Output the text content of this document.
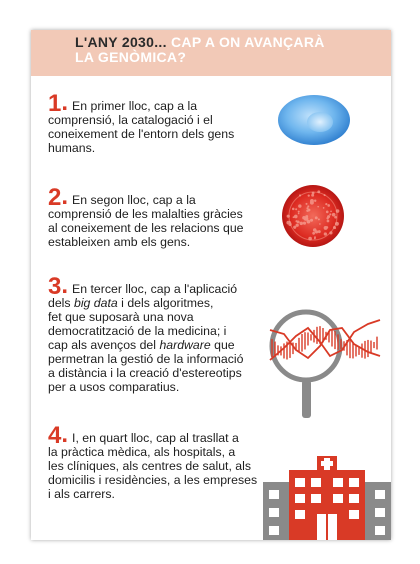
L'ANY 2030... CAP A ON AVANÇARÀ
LA GENÒMICA?
1. En primer lloc, cap a la
comprensió, la catalogació i el
coneixement de l'entorn dels gens
humans.
2. En segon lloc, cap a la
comprensió de les malalties gràcies
al coneixement de les relacions que
estableixen amb els gens.
3. En tercer lloc, cap a l'aplicació
dels big data i dels algoritmes,
fet que suposarà una nova
democratització de la medicina; i
cap als avenços del hardware que
permetran la gestió de la informació
a distància i la creació d'estereotips
per a usos comparatius.
4. I, en quart lloc, cap al trasllat a
la pràctica mèdica, als hospitals, a
les clíniques, als centres de salut, als
domicilis i residències, a les empreses
i als carrers.
